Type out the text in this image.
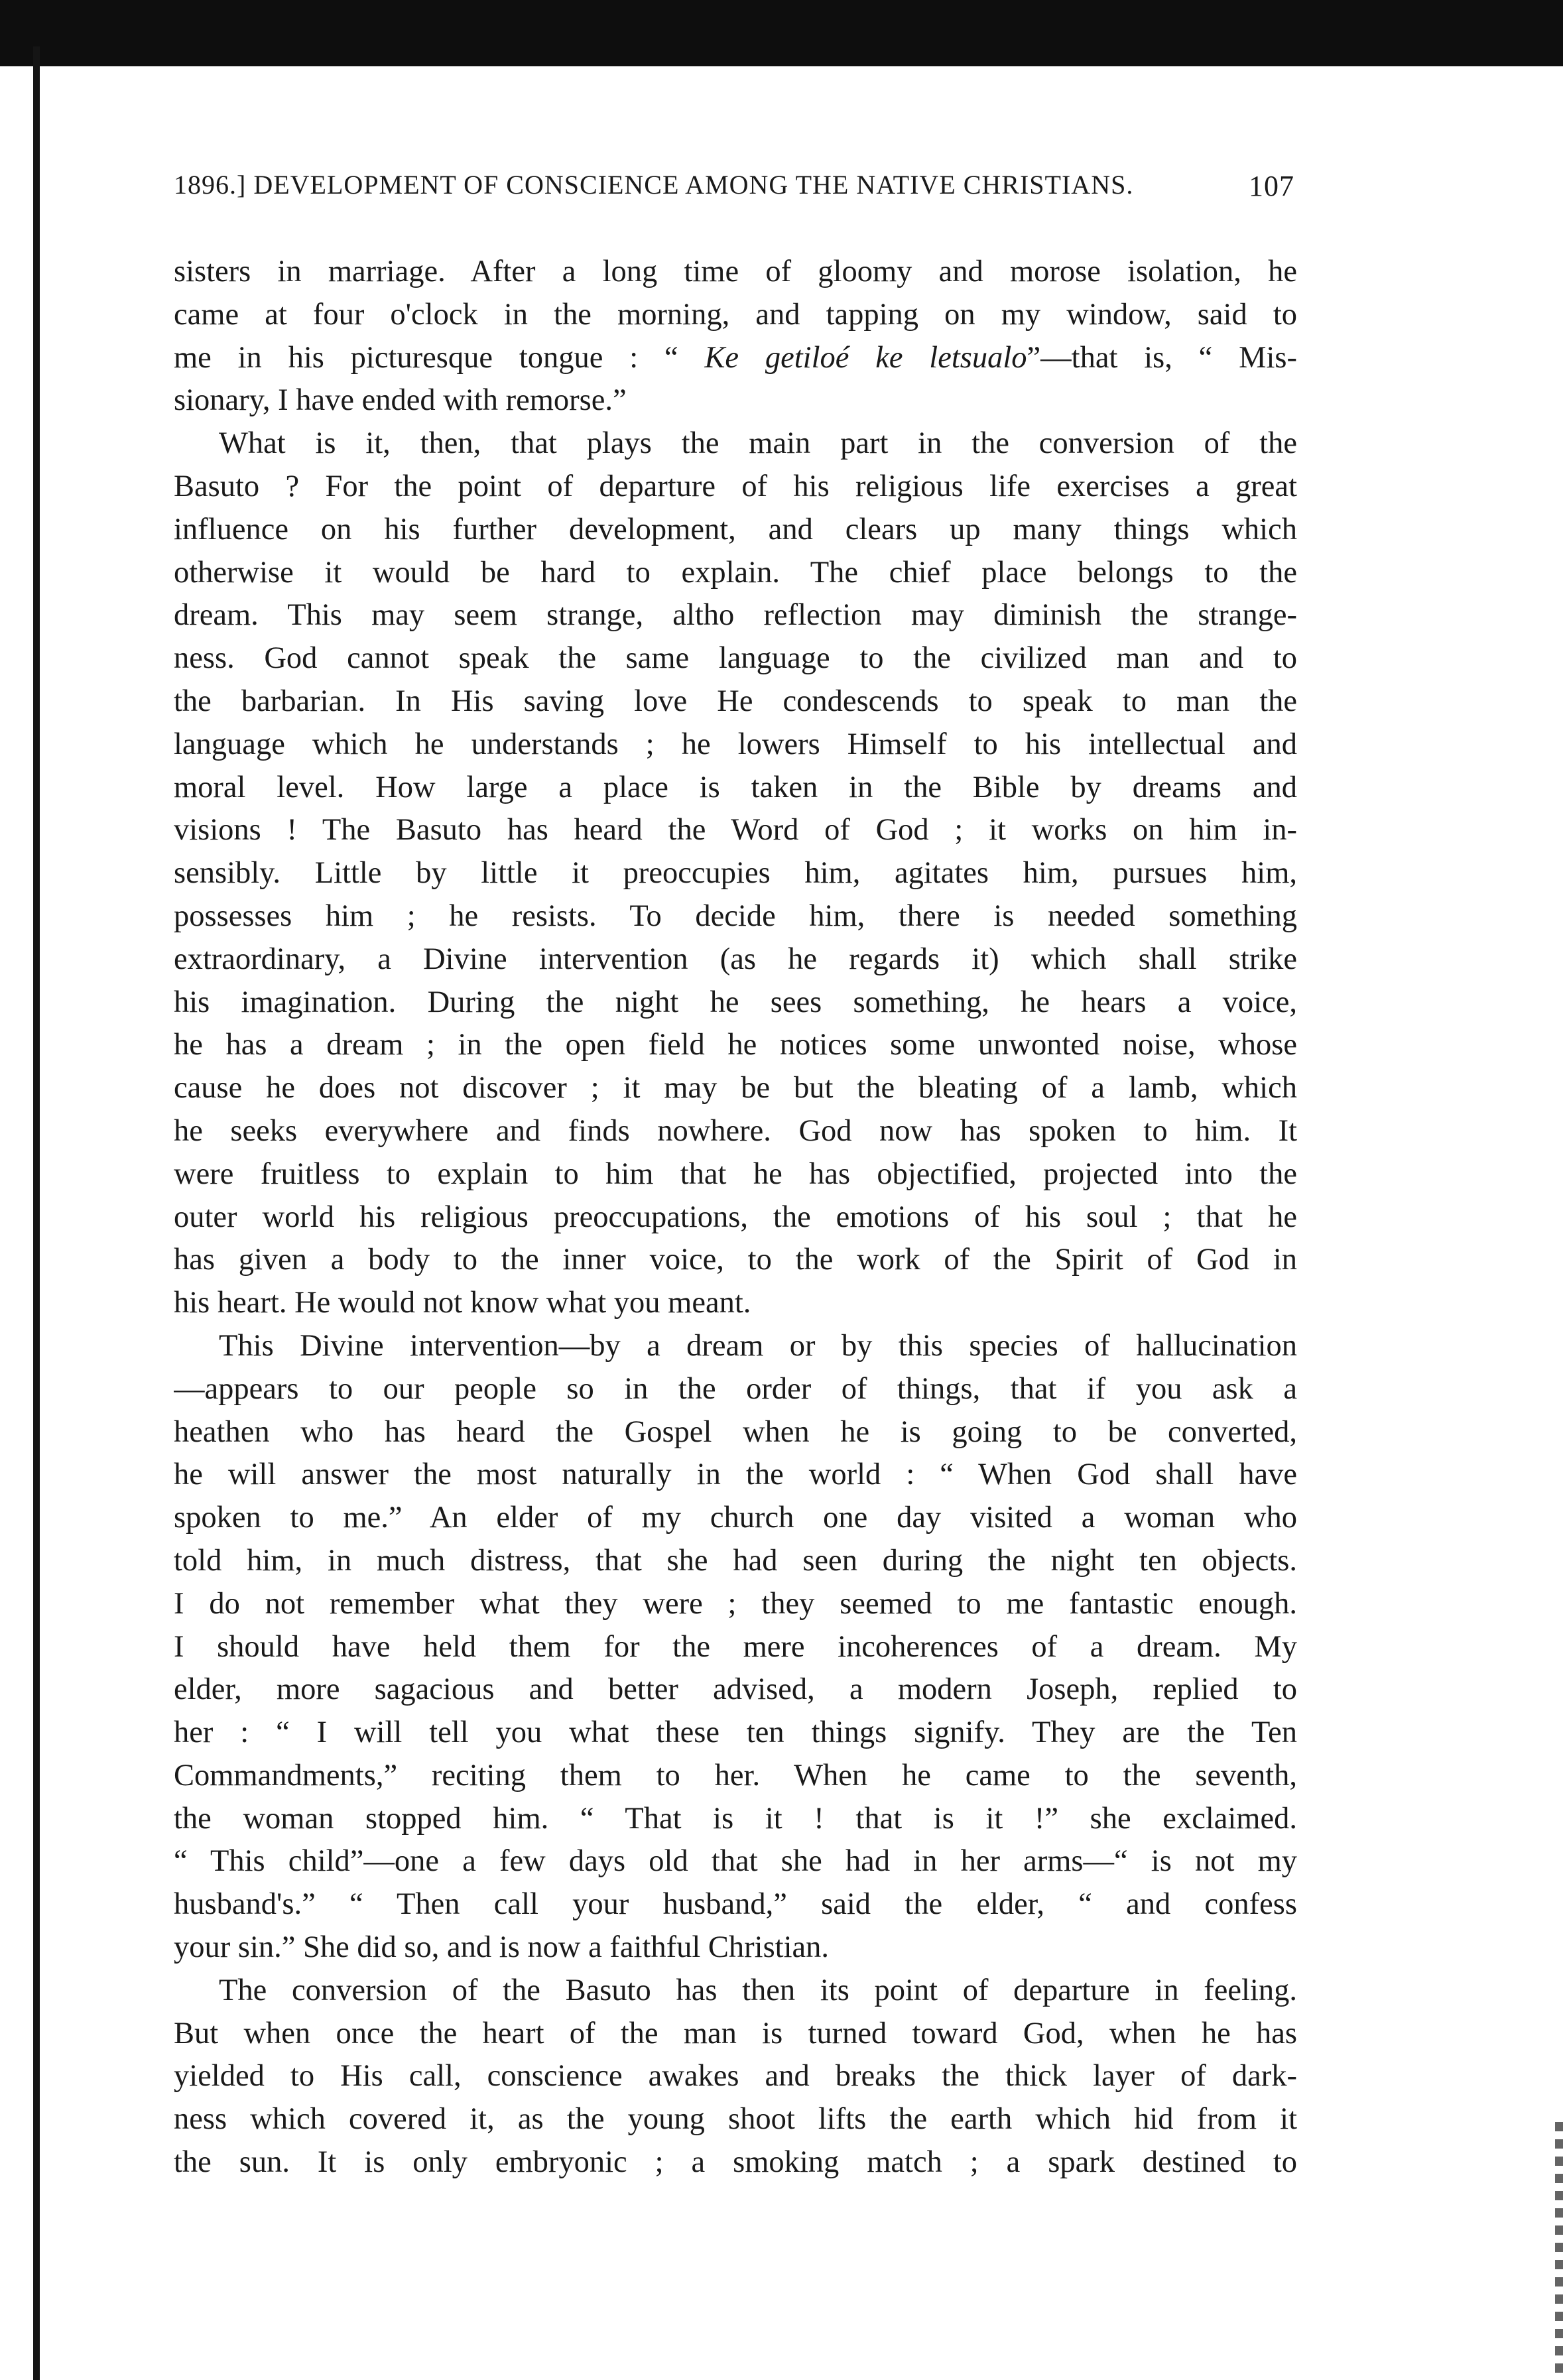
1896.] DEVELOPMENT OF CONSCIENCE AMONG THE NATIVE CHRISTIANS.	107
sisters in marriage. After a long time of gloomy and morose isolation, he
came at four o'clock in the morning, and tapping on my window, said to
me in his picturesque tongue : “ Ke getiloé ke letsualo”—that is, “ Mis-
sionary, I have ended with remorse.”
What is it, then, that plays the main part in the conversion of the
Basuto ? For the point of departure of his religious life exercises a great
influence on his further development, and clears up many things which
otherwise it would be hard to explain. The chief place belongs to the
dream. This may seem strange, altho reflection may diminish the strange-
ness. God cannot speak the same language to the civilized man and to
the barbarian. In His saving love He condescends to speak to man the
language which he understands ; he lowers Himself to his intellectual and
moral level. How large a place is taken in the Bible by dreams and
visions ! The Basuto has heard the Word of God ; it works on him in-
sensibly. Little by little it preoccupies him, agitates him, pursues him,
possesses him ; he resists. To decide him, there is needed something
extraordinary, a Divine intervention (as he regards it) which shall strike
his imagination. During the night he sees something, he hears a voice,
he has a dream ; in the open field he notices some unwonted noise, whose
cause he does not discover ; it may be but the bleating of a lamb, which
he seeks everywhere and finds nowhere. God now has spoken to him. It
were fruitless to explain to him that he has objectified, projected into the
outer world his religious preoccupations, the emotions of his soul ; that he
has given a body to the inner voice, to the work of the Spirit of God in
his heart. He would not know what you meant.
This Divine intervention—by a dream or by this species of hallucination
—appears to our people so in the order of things, that if you ask a
heathen who has heard the Gospel when he is going to be converted,
he will answer the most naturally in the world : “ When God shall have
spoken to me.” An elder of my church one day visited a woman who
told him, in much distress, that she had seen during the night ten objects.
I do not remember what they were ; they seemed to me fantastic enough.
I should have held them for the mere incoherences of a dream. My
elder, more sagacious and better advised, a modern Joseph, replied to
her : “ I will tell you what these ten things signify. They are the Ten
Commandments,” reciting them to her. When he came to the seventh,
the woman stopped him. “ That is it ! that is it !” she exclaimed.
“ This child”—one a few days old that she had in her arms—“ is not my
husband's.” “ Then call your husband,” said the elder, “ and confess
your sin.” She did so, and is now a faithful Christian.
The conversion of the Basuto has then its point of departure in feeling.
But when once the heart of the man is turned toward God, when he has
yielded to His call, conscience awakes and breaks the thick layer of dark-
ness which covered it, as the young shoot lifts the earth which hid from it
the sun. It is only embryonic ; a smoking match ; a spark destined to
